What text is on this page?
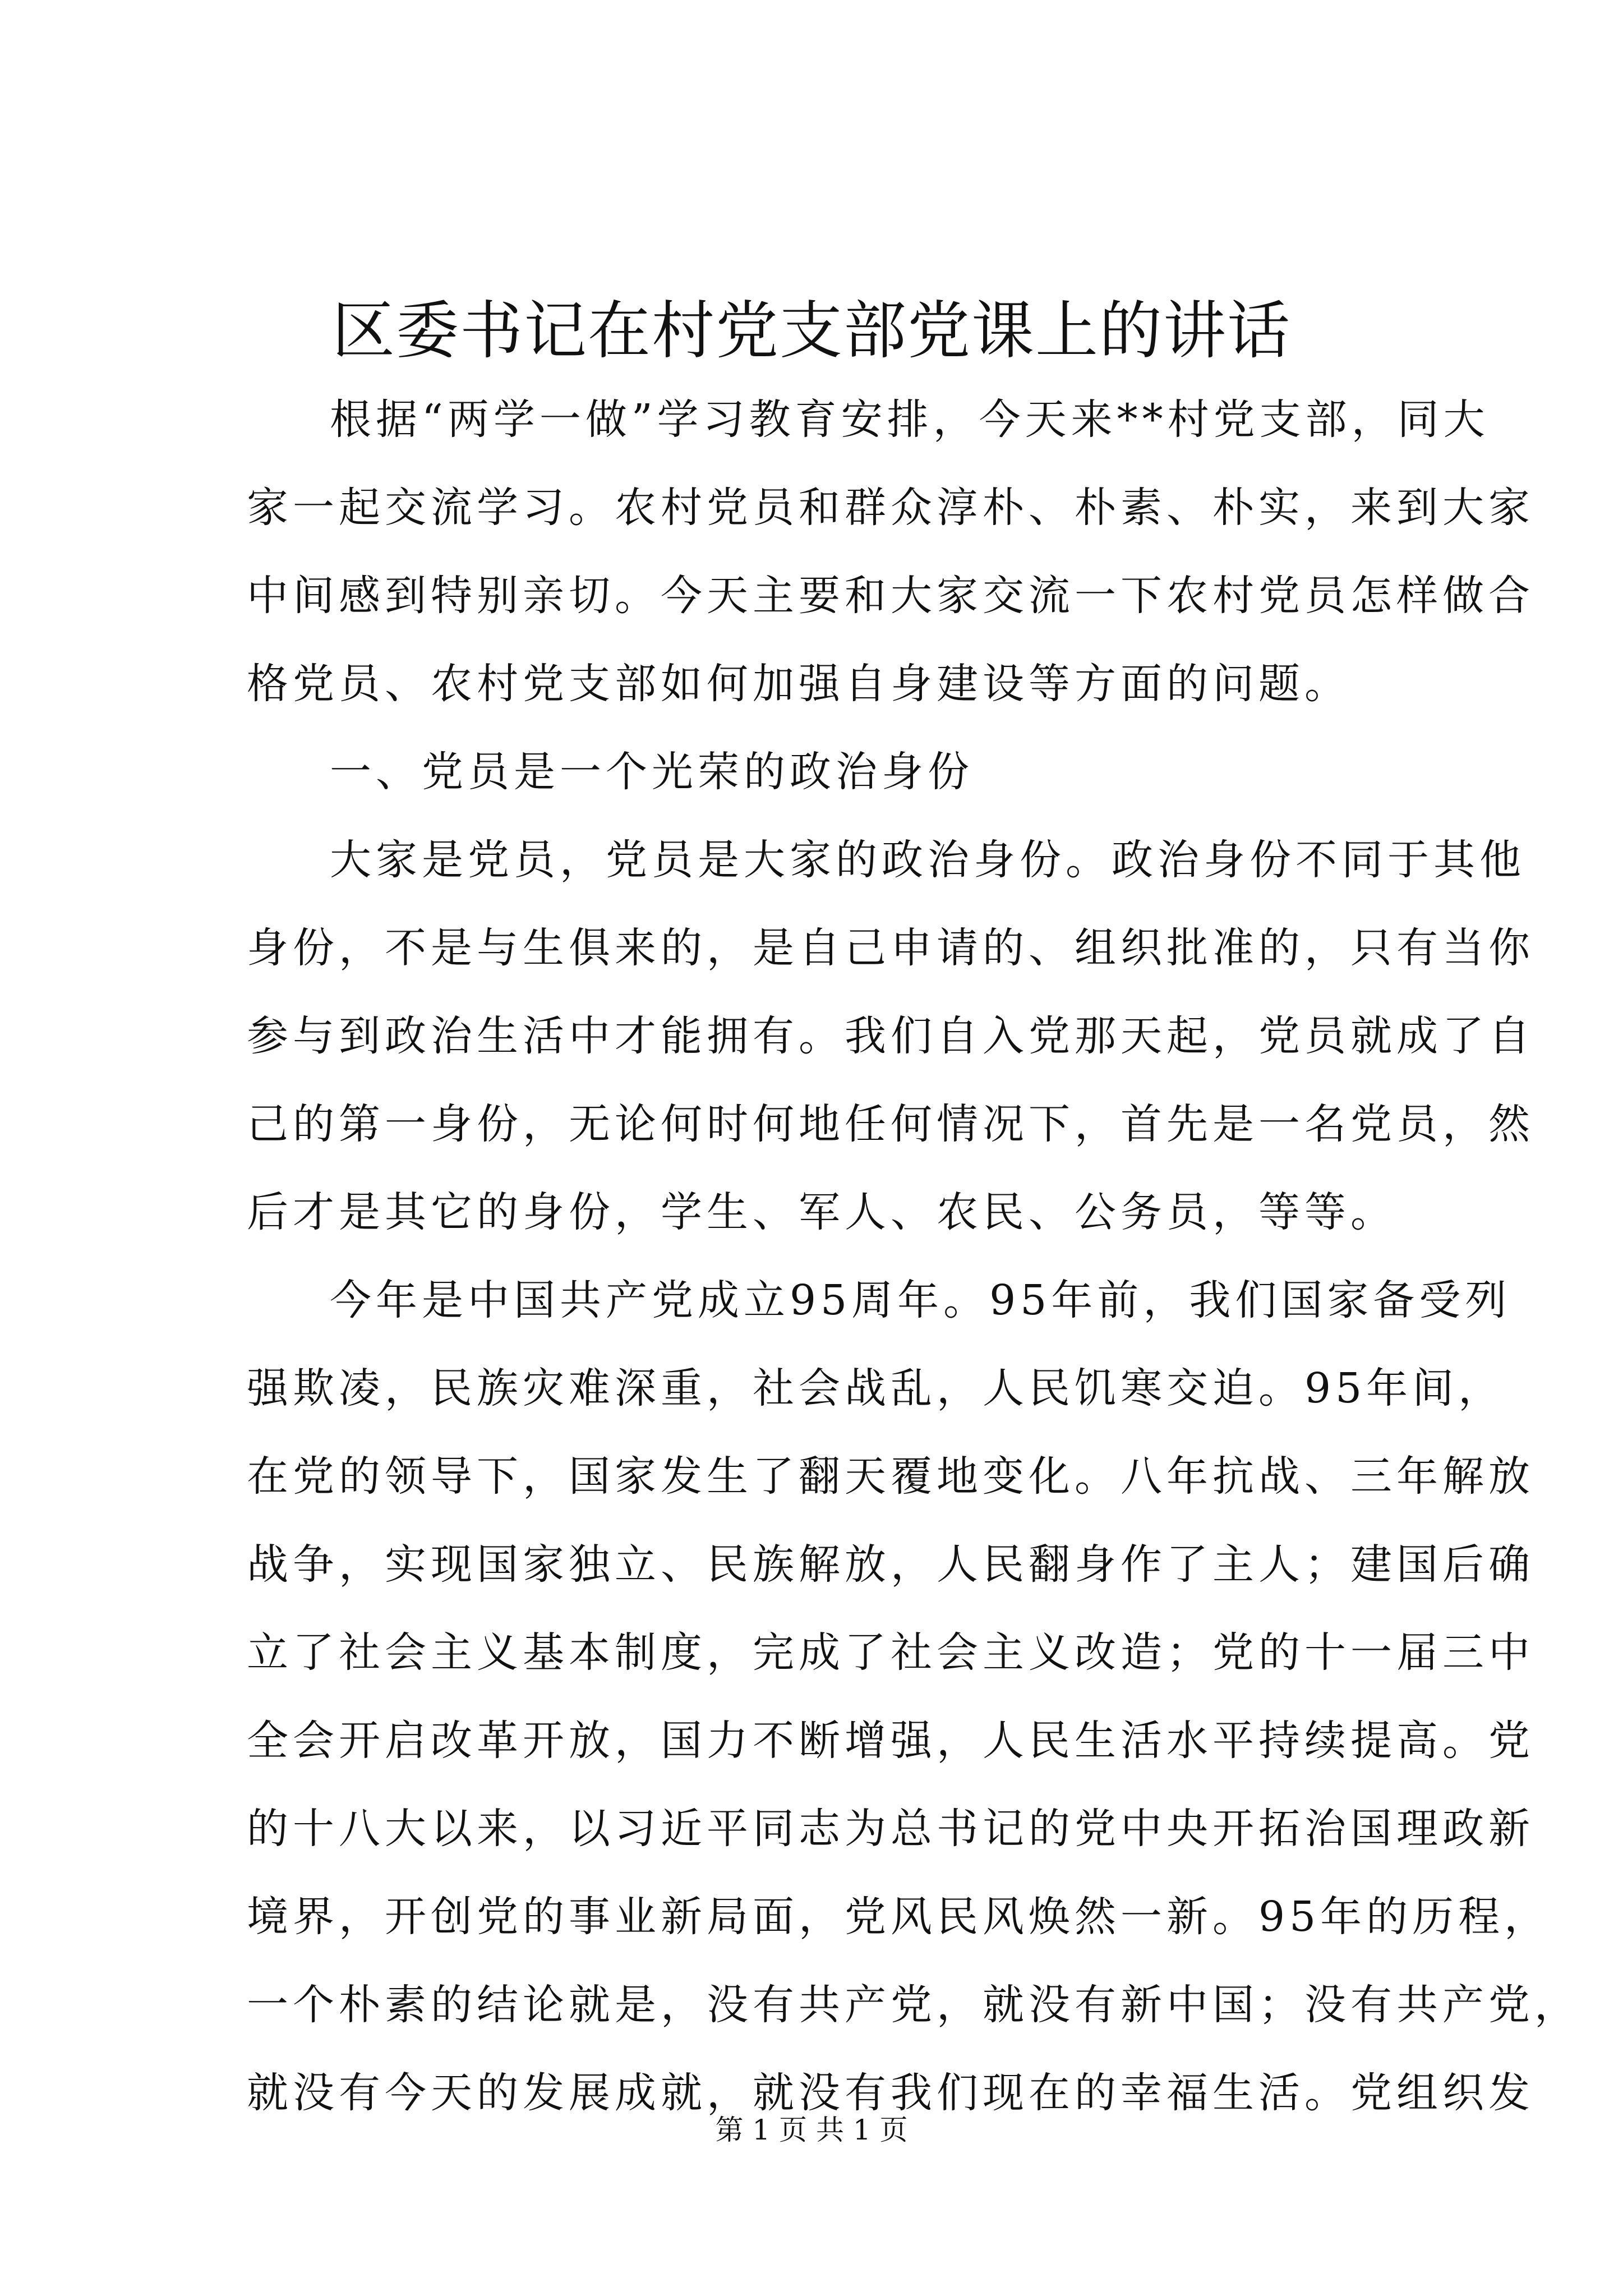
区委书记在村党支部党课上的讲话
根据“两学一做”学习教育安排，今天来**村党支部，同大
家一起交流学习。农村党员和群众淳朴、朴素、朴实，来到大家
中间感到特别亲切。今天主要和大家交流一下农村党员怎样做合
格党员、农村党支部如何加强自身建设等方面的问题。
一、党员是一个光荣的政治身份
大家是党员，党员是大家的政治身份。政治身份不同于其他
身份，不是与生俱来的，是自己申请的、组织批准的，只有当你
参与到政治生活中才能拥有。我们自入党那天起，党员就成了自
己的第一身份，无论何时何地任何情况下，首先是一名党员，然
后才是其它的身份，学生、军人、农民、公务员，等等。
今年是中国共产党成立95周年。95年前，我们国家备受列
强欺凌，民族灾难深重，社会战乱，人民饥寒交迫。95年间，
在党的领导下，国家发生了翻天覆地变化。八年抗战、三年解放
战争，实现国家独立、民族解放，人民翻身作了主人；建国后确
立了社会主义基本制度，完成了社会主义改造；党的十一届三中
全会开启改革开放，国力不断增强，人民生活水平持续提高。党
的十八大以来，以习近平同志为总书记的党中央开拓治国理政新
境界，开创党的事业新局面，党风民风焕然一新。95年的历程，
一个朴素的结论就是，没有共产党，就没有新中国；没有共产党，
就没有今天的发展成就，就没有我们现在的幸福生活。党组织发
第 1 页 共 1 页
